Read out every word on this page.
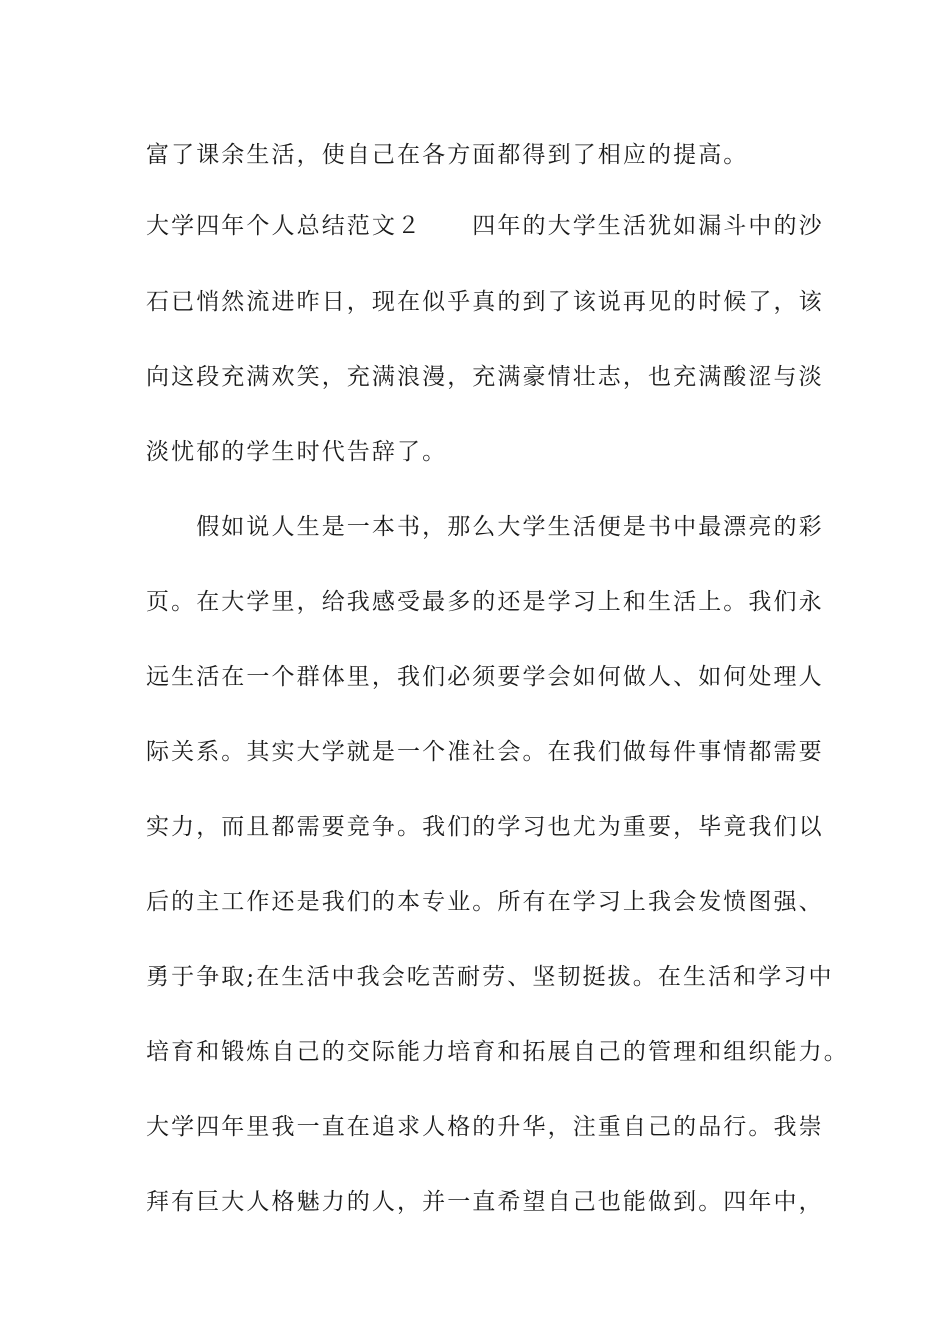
富了课余生活，使自己在各方面都得到了相应的提高。
大学四年个人总结范文２　　四年的大学生活犹如漏斗中的沙
石已悄然流进昨日，现在似乎真的到了该说再见的时候了，该
向这段充满欢笑，充满浪漫，充满豪情壮志，也充满酸涩与淡
淡忧郁的学生时代告辞了。
　　假如说人生是一本书，那么大学生活便是书中最漂亮的彩
页。在大学里，给我感受最多的还是学习上和生活上。我们永
远生活在一个群体里，我们必须要学会如何做人、如何处理人
际关系。其实大学就是一个准社会。在我们做每件事情都需要
实力，而且都需要竞争。我们的学习也尤为重要，毕竟我们以
后的主工作还是我们的本专业。所有在学习上我会发愤图强、
勇于争取;在生活中我会吃苦耐劳、坚韧挺拔。在生活和学习中
培育和锻炼自己的交际能力培育和拓展自己的管理和组织能力。
大学四年里我一直在追求人格的升华，注重自己的品行。我崇
拜有巨大人格魅力的人，并一直希望自己也能做到。四年中，
